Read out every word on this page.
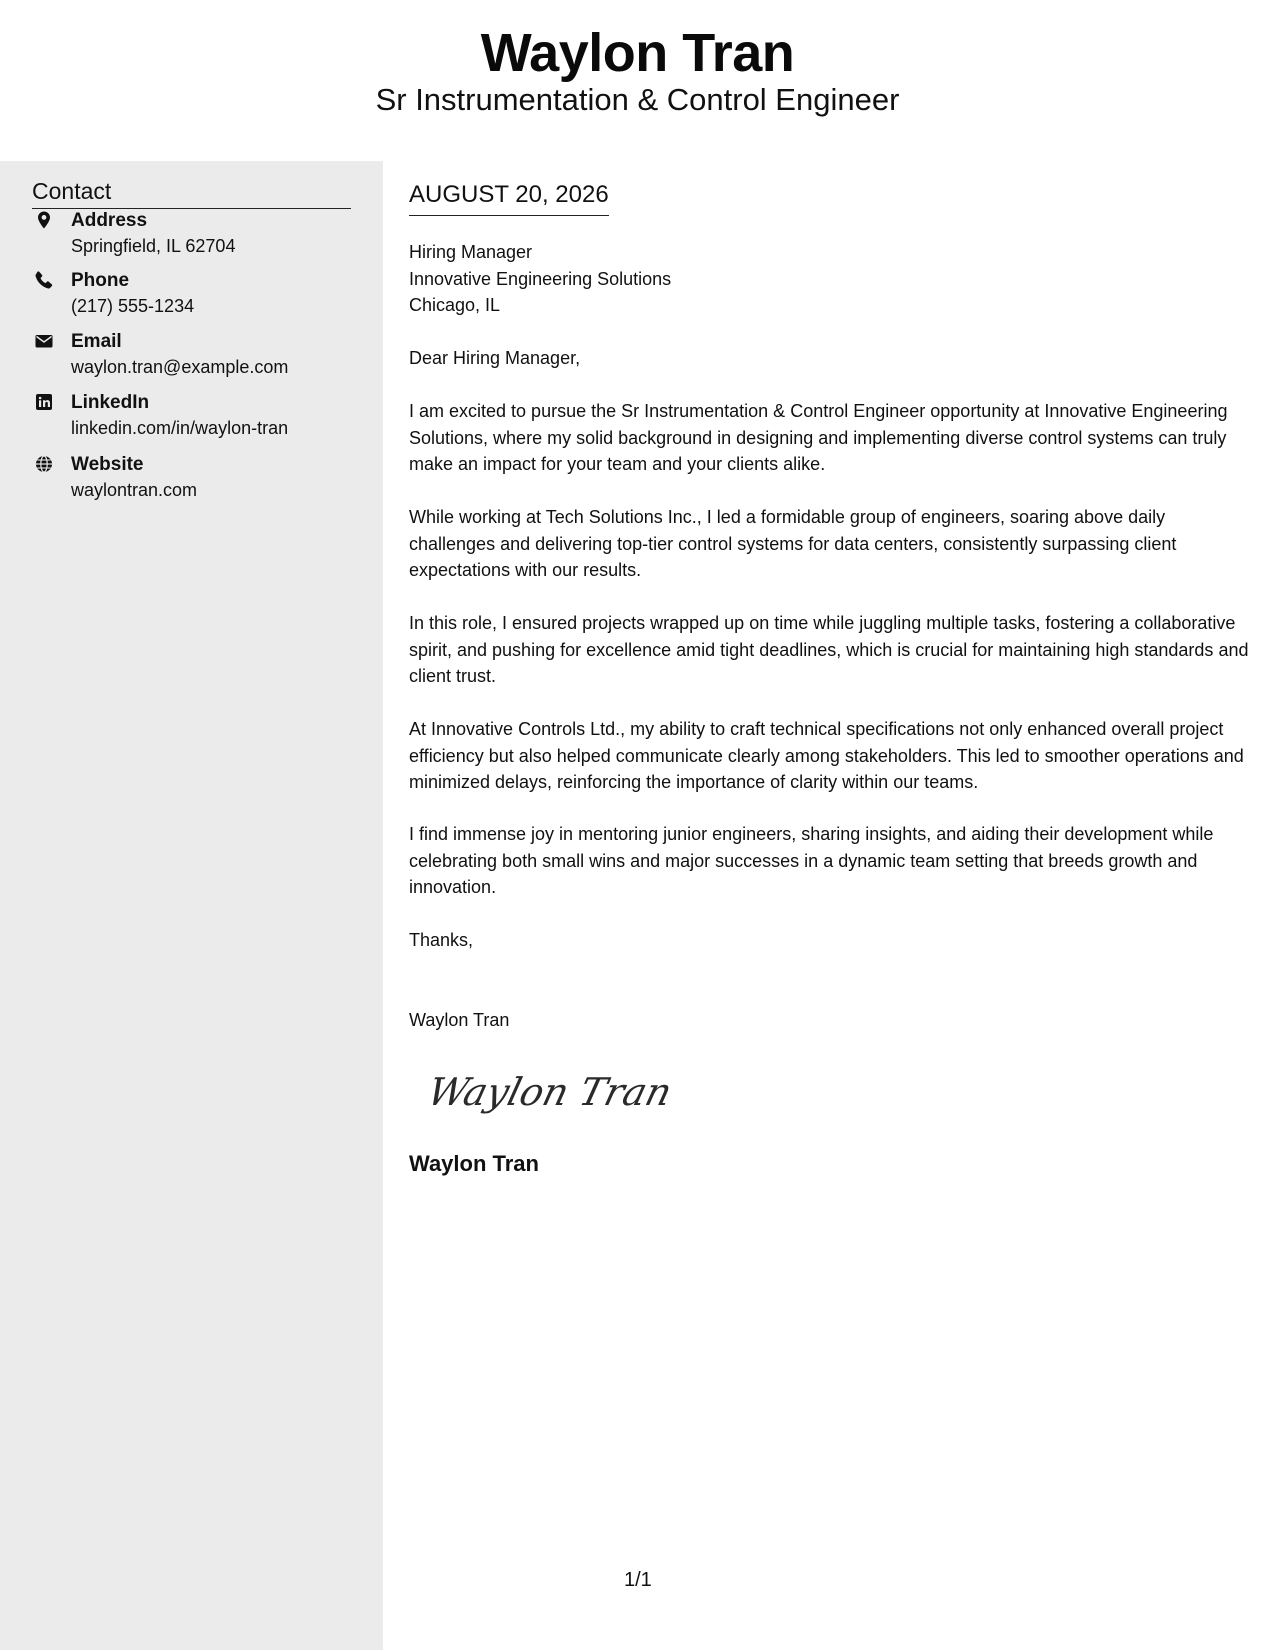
Waylon Tran
Sr Instrumentation & Control Engineer
Contact
Address
Springfield, IL 62704
Phone
(217) 555-1234
Email
waylon.tran@example.com
LinkedIn
linkedin.com/in/waylon-tran
Website
waylontran.com
AUGUST 20, 2026
Hiring Manager
Innovative Engineering Solutions
Chicago, IL

Dear Hiring Manager,

I am excited to pursue the Sr Instrumentation & Control Engineer opportunity at Innovative Engineering Solutions, where my solid background in designing and implementing diverse control systems can truly make an impact for your team and your clients alike.

While working at Tech Solutions Inc., I led a formidable group of engineers, soaring above daily challenges and delivering top-tier control systems for data centers, consistently surpassing client expectations with our results.

In this role, I ensured projects wrapped up on time while juggling multiple tasks, fostering a collaborative spirit, and pushing for excellence amid tight deadlines, which is crucial for maintaining high standards and client trust.

At Innovative Controls Ltd., my ability to craft technical specifications not only enhanced overall project efficiency but also helped communicate clearly among stakeholders. This led to smoother operations and minimized delays, reinforcing the importance of clarity within our teams.

I find immense joy in mentoring junior engineers, sharing insights, and aiding their development while celebrating both small wins and major successes in a dynamic team setting that breeds growth and innovation.

Thanks,

Waylon Tran

Waylon Tran
Waylon Tran
1/1
